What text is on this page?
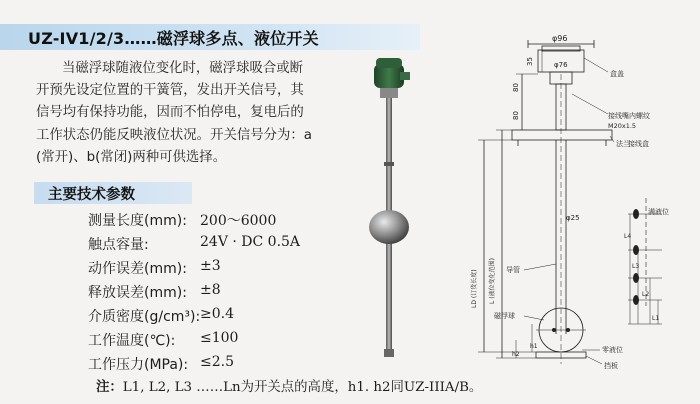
UZ-IV1/2/3……磁浮球多点、液位开关

当磁浮球随液位变化时，磁浮球吸合或断

开预先设定位置的干簧管，发出开关信号，其

信号均有保持功能，因而不怕停电，复电后的

工作状态仍能反映液位状况。开关信号分为：a

(常开)、b(常闭)两种可供选择。

主要技术参数
测量长度(mm): 200～6000
触点容量:	24V · DC 0.5A
动作误差(mm): ±3
释放误差(mm): ±8
介质密度(g/cm³): ≥0.4
工作温度(℃): ≤100
工作压力(MPa): ≤2.5
注：L1, L2, L3 ……Ln为开关点的高度，h1. h2同UZ-IIIA/B。
φ96
φ76
35
80
80
φ25
LD (订货长度) L (液位变化范围)
M20x1.5
h1
h2
L1
L2
L3
L4
盒盖
接线嘴内螺纹
法兰
接线盒
满液位
导管
磁浮球
零液位
挡板
